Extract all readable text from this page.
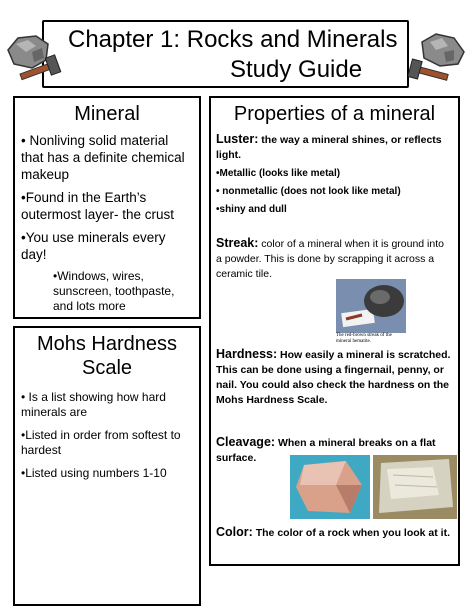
Chapter 1: Rocks and Minerals
Study Guide
Mineral
• Nonliving solid material that has a definite chemical makeup
•Found in the Earth’s outermost layer- the crust
•You use minerals every day!
•Windows, wires, sunscreen, toothpaste, and lots more
Mohs Hardness Scale
• Is a list showing how hard minerals are
•Listed in order from softest to hardest
•Listed using numbers 1-10
Properties of a mineral
Luster: the way a mineral shines, or reflects light.
•Metallic (looks like metal)
• nonmetallic (does not look like metal)
•shiny and dull
Streak: color of a mineral when it is ground into a powder. This is done by scrapping it across a ceramic tile.
Hardness: How easily a mineral is scratched. This can be done using a fingernail, penny, or nail. You could also check the hardness on the Mohs Hardness Scale.
Cleavage: When a mineral breaks on a flat surface.
Color: The color of a rock when you look at it.
The red-brown streak of the mineral hematite.
